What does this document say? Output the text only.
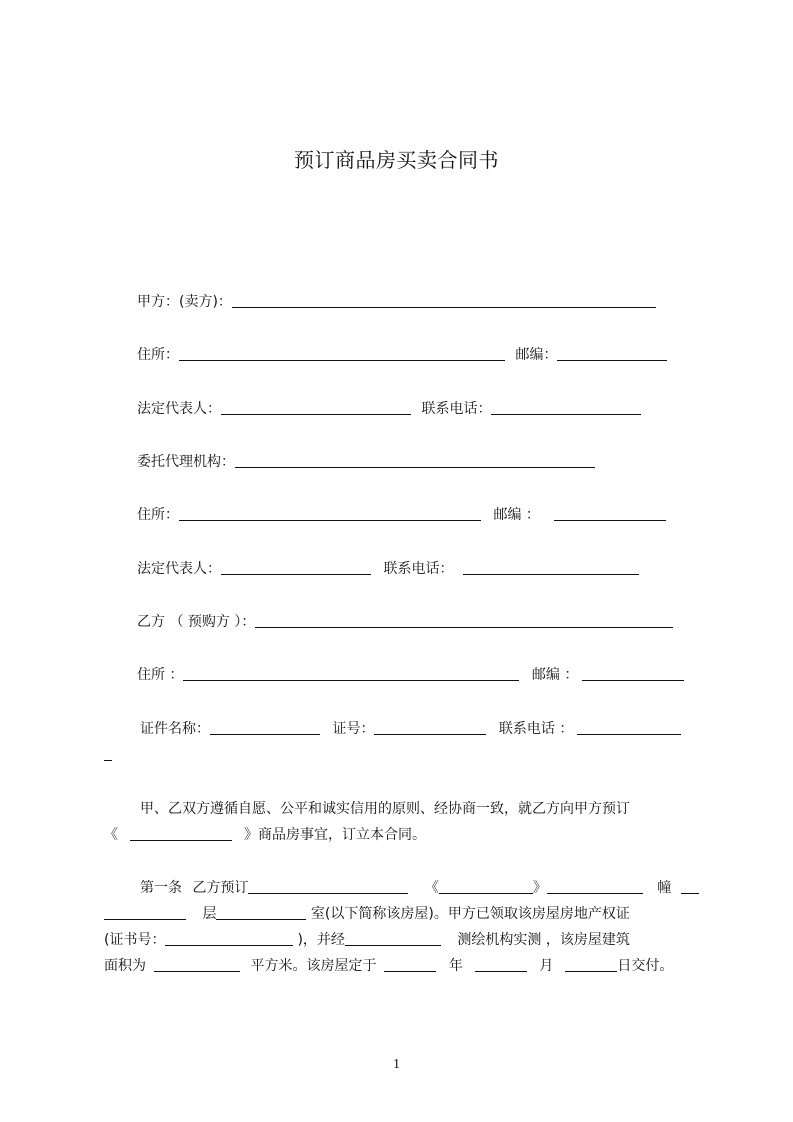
预订商品房买卖合同书
甲方：(卖方)：
住所：	邮编：
法定代表人：	联系电话：
委托代理机构：
住所：	邮编 ：
法定代表人：	联系电话：
乙方 （ 预购方 ）：
住所 ：	邮编 ：
证件名称：	证号：	联系电话 ：
甲、乙双方遵循自愿、公平和诚实信用的原则、经协商一致，就乙方向甲方预订
《	》商品房事宜，订立本合同。
第一条 乙方预订	《	》	幢
层	室(以下简称该房屋)。甲方已领取该房屋房地产权证
(证书号：	)，并经	测绘机构实测 ，该房屋建筑
面积为	平方米。该房屋定于	年	月	日交付。
1
